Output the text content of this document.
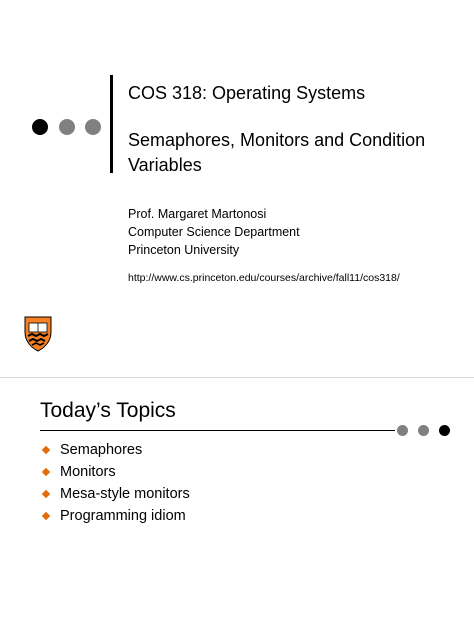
COS 318: Operating Systems
Semaphores, Monitors and Condition Variables
Prof. Margaret Martonosi
Computer Science Department
Princeton University
http://www.cs.princeton.edu/courses/archive/fall11/cos318/
Today’s Topics
Semaphores
Monitors
Mesa-style monitors
Programming idiom
